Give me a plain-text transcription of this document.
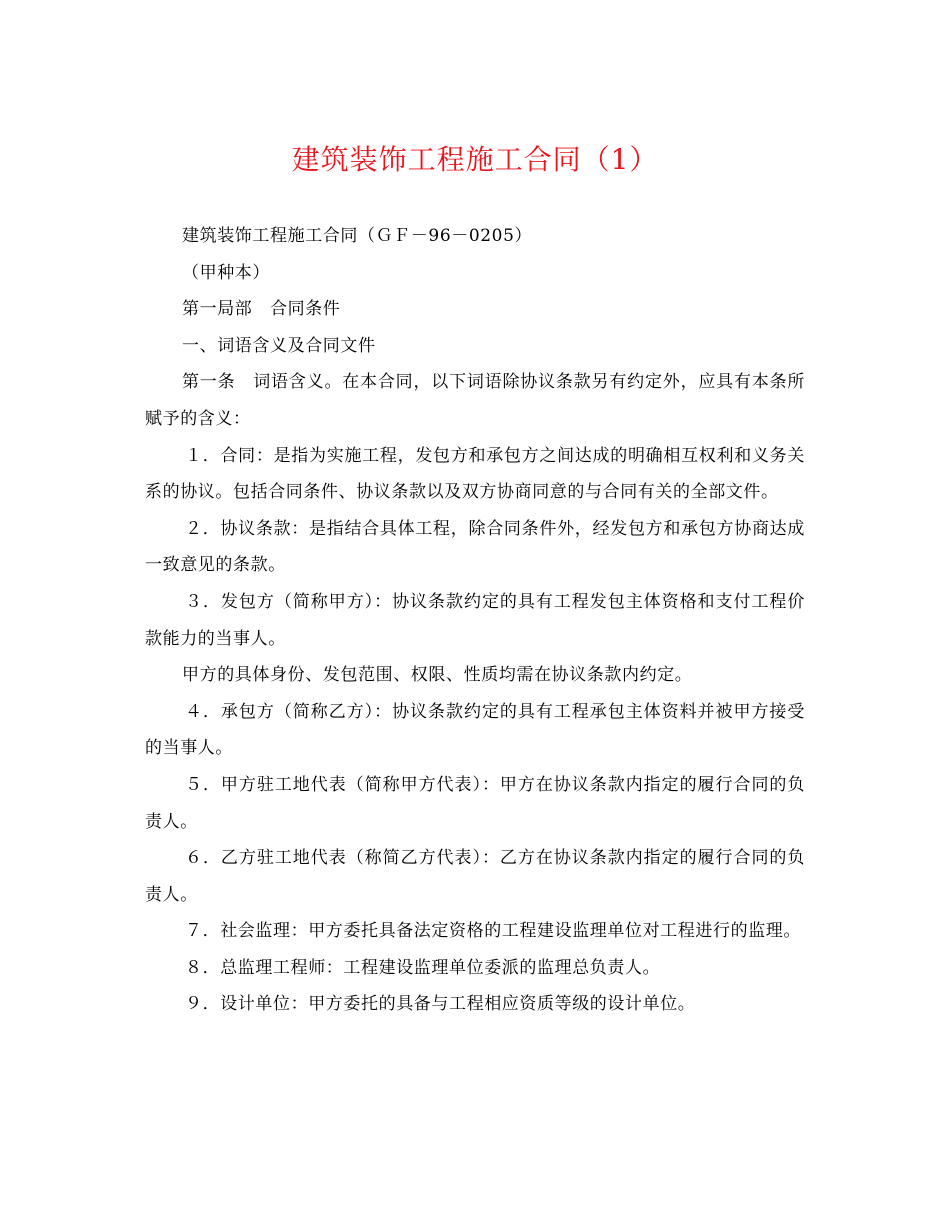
建筑装饰工程施工合同（1）

建筑装饰工程施工合同（ＧＦ－96－0205）

（甲种本）

第一局部　合同条件

一、词语含义及合同文件

第一条　词语含义。在本合同，以下词语除协议条款另有约定外，应具有本条所赋予的含义：

１．合同：是指为实施工程，发包方和承包方之间达成的明确相互权利和义务关系的协议。包括合同条件、协议条款以及双方协商同意的与合同有关的全部文件。

２．协议条款：是指结合具体工程，除合同条件外，经发包方和承包方协商达成一致意见的条款。

３．发包方（简称甲方）：协议条款约定的具有工程发包主体资格和支付工程价款能力的当事人。

甲方的具体身份、发包范围、权限、性质均需在协议条款内约定。

４．承包方（简称乙方）：协议条款约定的具有工程承包主体资料并被甲方接受的当事人。

５．甲方驻工地代表（简称甲方代表）：甲方在协议条款内指定的履行合同的负责人。

６．乙方驻工地代表（称简乙方代表）：乙方在协议条款内指定的履行合同的负责人。

７．社会监理：甲方委托具备法定资格的工程建设监理单位对工程进行的监理。

８．总监理工程师：工程建设监理单位委派的监理总负责人。

９．设计单位：甲方委托的具备与工程相应资质等级的设计单位。
